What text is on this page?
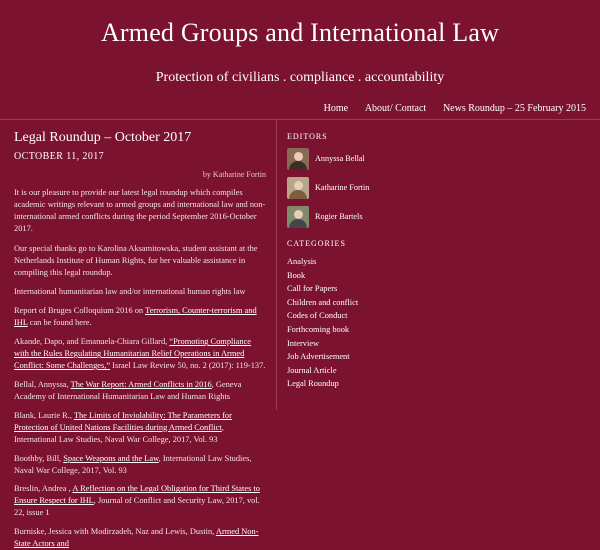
Armed Groups and International Law

Protection of civilians . compliance . accountability

Home About/ Contact News Roundup – 25 February 2015
Legal Roundup – October 2017
OCTOBER 11, 2017
by Katharine Fortin

It is our pleasure to provide our latest legal roundup which compiles academic writings relevant to armed groups and international law and non-international armed conflicts during the period September 2016-October 2017.

Our special thanks go to Karolina Aksamitowska, student assistant at the Netherlands Institute of Human Rights, for her valuable assistance in compiling this legal roundup.

International humanitarian law and/or international human rights law

Report of Bruges Colloquium 2016 on Terrorism, Counter-terrorism and IHL can be found here.

Akande, Dapo, and Emanuela-Chiara Gillard, “Promoting Compliance with the Rules Regulating Humanitarian Relief Operations in Armed Conflict: Some Challenges,” Israel Law Review 50, no. 2 (2017): 119-137.

Bellal, Annyssa, The War Report: Armed Conflicts in 2016, Geneva Academy of International Humanitarian Law and Human Rights

Blank, Laurie R., The Limits of Inviolability: The Parameters for Protection of United Nations Facilities during Armed Conflict, International Law Studies, Naval War College, 2017, Vol. 93

Boothby, Bill, Space Weapons and the Law, International Law Studies, Naval War College, 2017, Vol. 93

Breslin, Andrea , A Reflection on the Legal Obligation for Third States to Ensure Respect for IHL, Journal of Conflict and Security Law, 2017, vol. 22, issue 1

Burniske, Jessica with Modirzadeh, Naz and Lewis, Dustin, Armed Non-State Actors and

EDITORS
Annyssa Bellal
Katharine Fortin
Rogier Bartels
CATEGORIES
Analysis
Book
Call for Papers
Children and conflict
Codes of Conduct
Forthcoming book
Interview
Job Advertisement
Journal Article
Legal Roundup
